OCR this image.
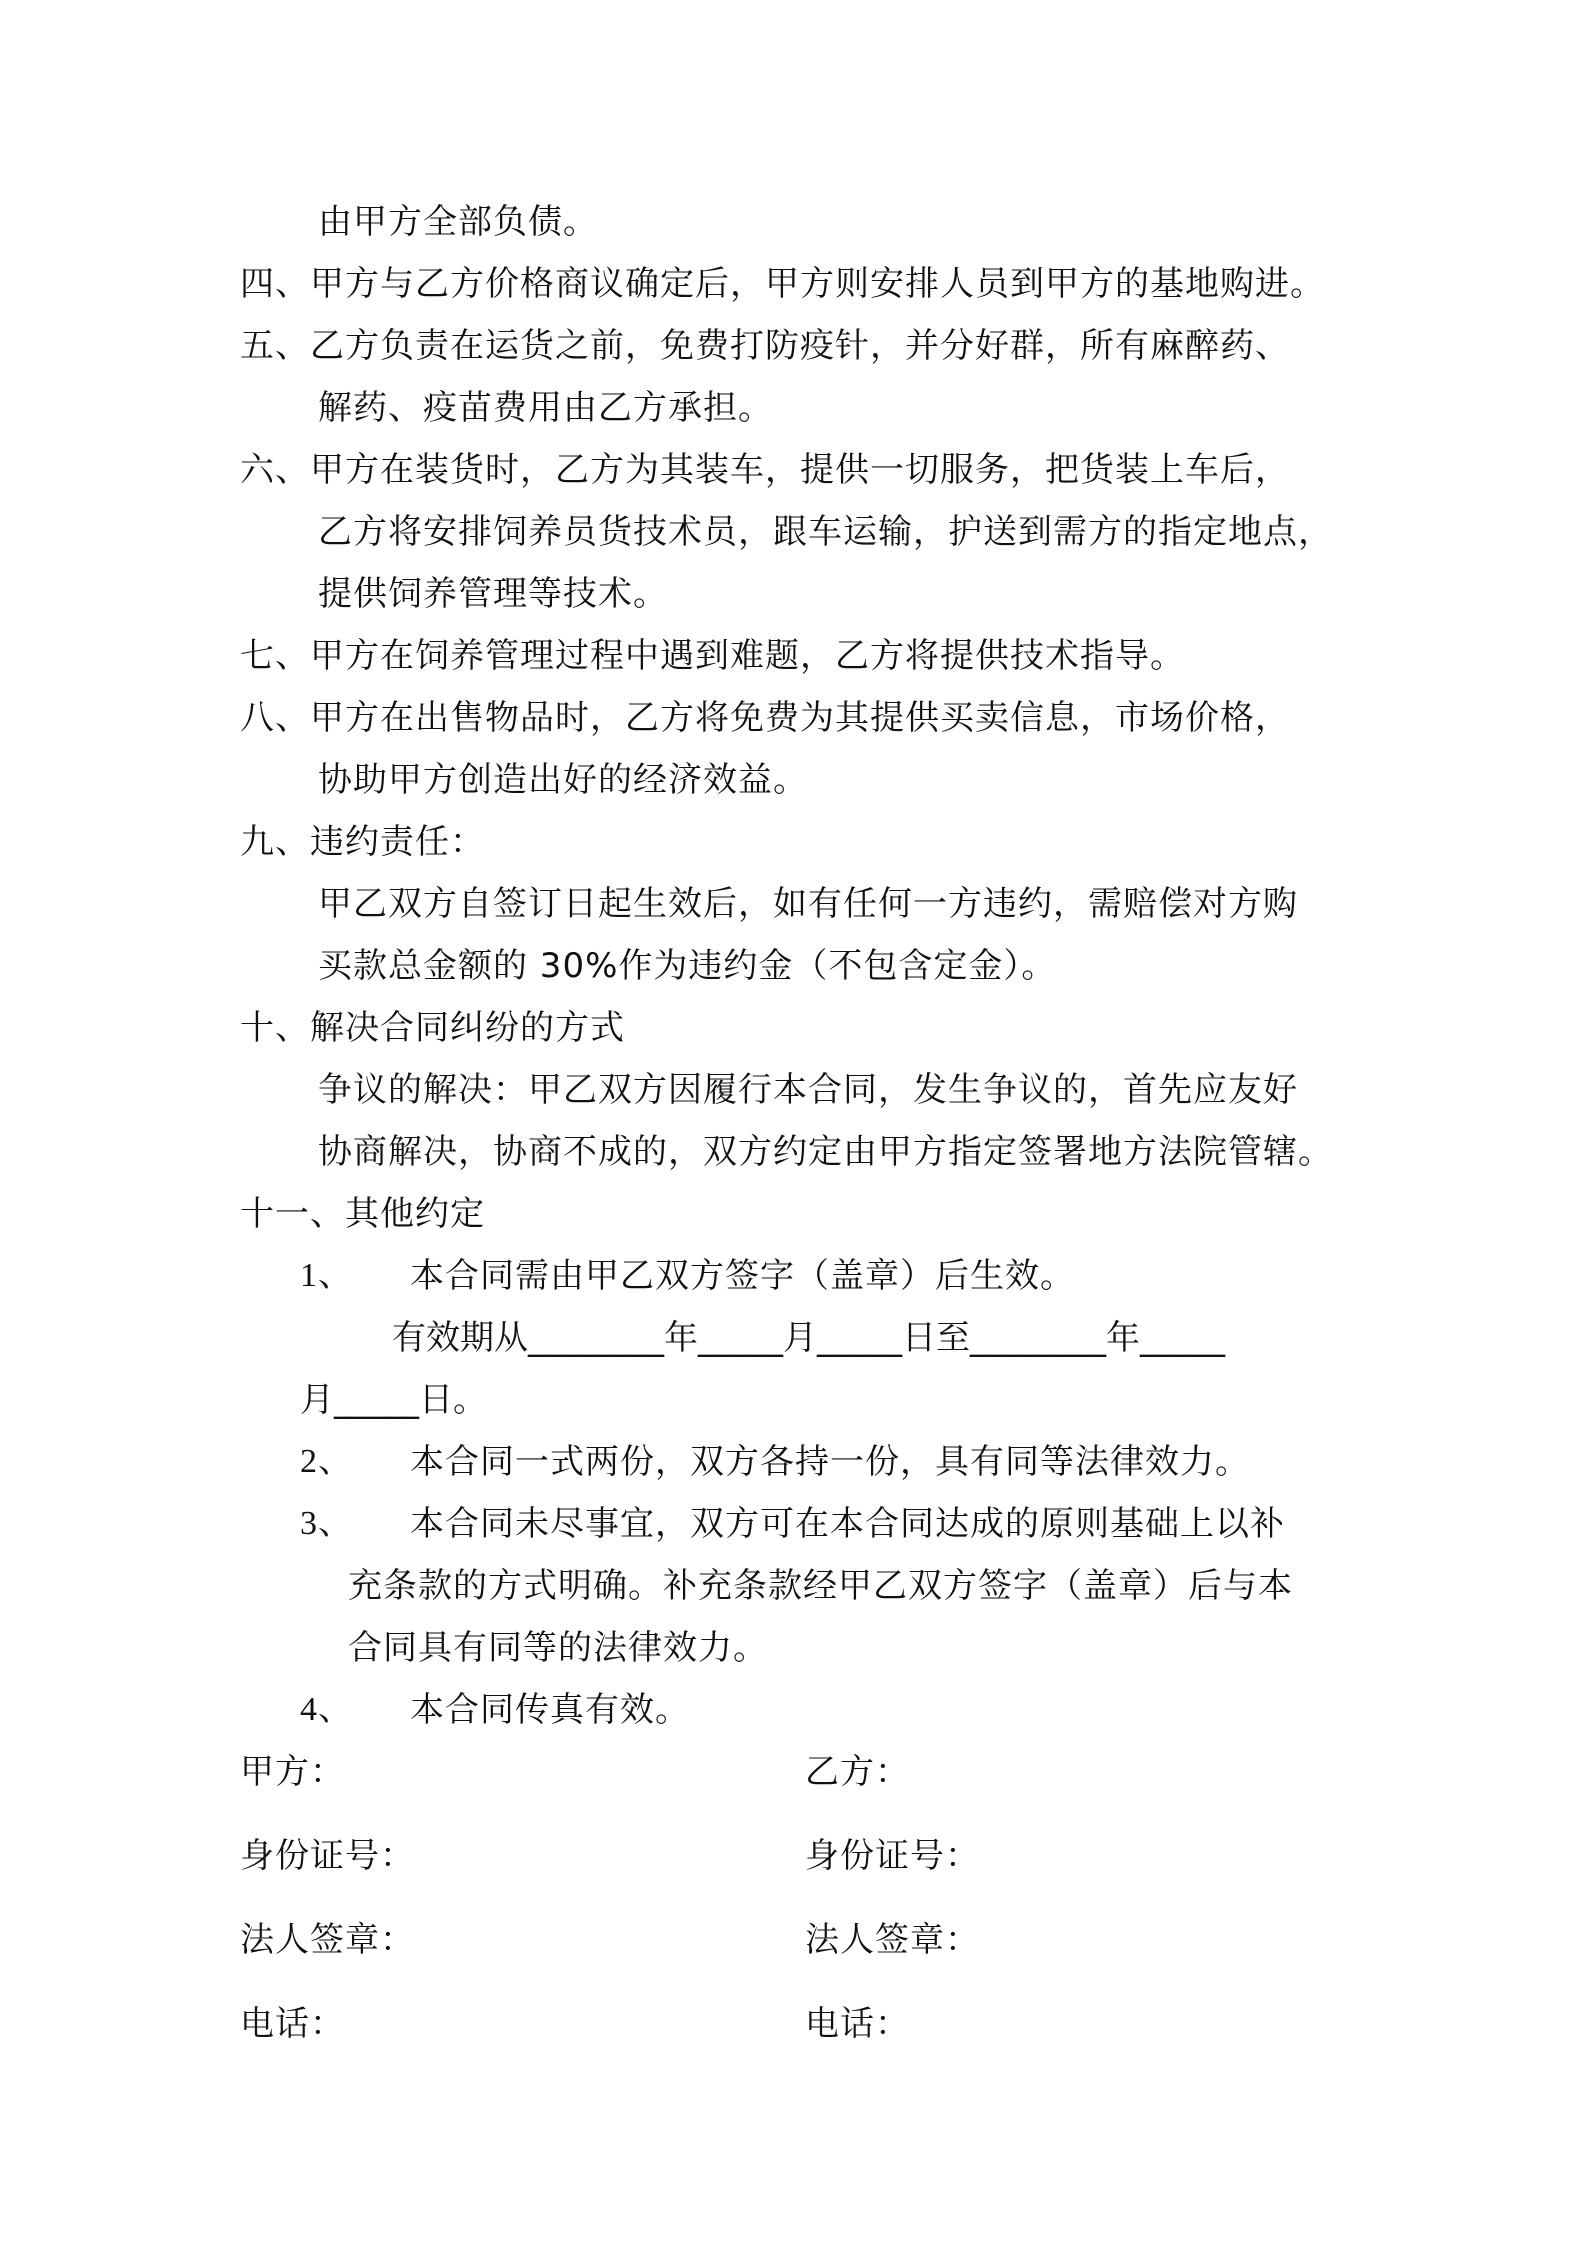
由甲方全部负债。
四、甲方与乙方价格商议确定后，甲方则安排人员到甲方的基地购进。
五、乙方负责在运货之前，免费打防疫针，并分好群，所有麻醉药、
解药、疫苗费用由乙方承担。
六、甲方在装货时，乙方为其装车，提供一切服务，把货装上车后，
乙方将安排饲养员货技术员，跟车运输，护送到需方的指定地点，
提供饲养管理等技术。
七、甲方在饲养管理过程中遇到难题，乙方将提供技术指导。
八、甲方在出售物品时，乙方将免费为其提供买卖信息，市场价格，
协助甲方创造出好的经济效益。
九、违约责任：
甲乙双方自签订日起生效后，如有任何一方违约，需赔偿对方购
买款总金额的 30%作为违约金（不包含定金）。
十、解决合同纠纷的方式
争议的解决：甲乙双方因履行本合同，发生争议的，首先应友好
协商解决，协商不成的，双方约定由甲方指定签署地方法院管辖。
十一、其他约定
1、 本合同需由甲乙双方签字（盖章）后生效。
有效期从________年_____月_____日至________年_____
月_____日。
2、 本合同一式两份，双方各持一份，具有同等法律效力。
3、 本合同未尽事宜，双方可在本合同达成的原则基础上以补
充条款的方式明确。补充条款经甲乙双方签字（盖章）后与本
合同具有同等的法律效力。
4、 本合同传真有效。
甲方：	乙方：
身份证号：	身份证号：
法人签章：	法人签章：
电话：	电话：
